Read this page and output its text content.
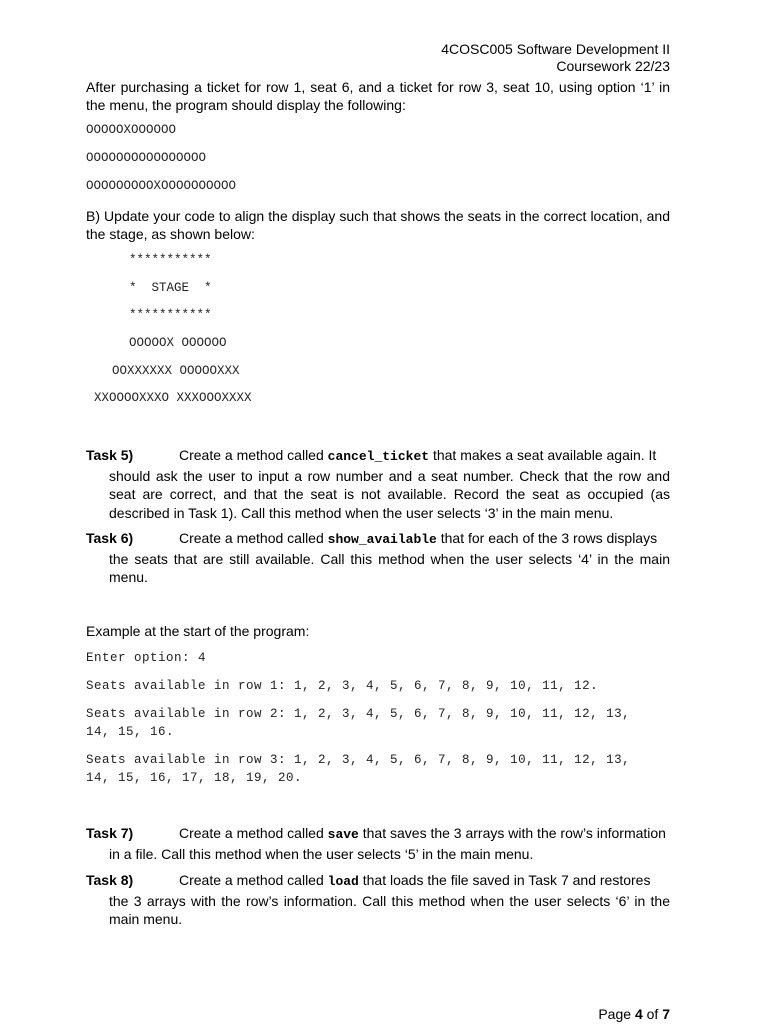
4COSC005 Software Development II
Coursework 22/23
After purchasing a ticket for row 1, seat 6, and a ticket for row 3, seat 10, using option ‘1’ in the menu, the program should display the following:
OOOOOXOOOOOO
OOOOOOOOOOOOOOOO
OOOOOOOOOXOOOOOOOOOO
B) Update your code to align the display such that shows the seats in the correct location, and the stage, as shown below:
***********
*  STAGE  *
***********
OOOOOX OOOOOO
OOXXXXXX OOOOOXXX
XXOOOOXXXO XXXOOOXXXX
Task 5)	Create a method called cancel_ticket that makes a seat available again. It
should ask the user to input a row number and a seat number. Check that the row and seat are correct, and that the seat is not available. Record the seat as occupied (as described in Task 1). Call this method when the user selects ‘3’ in the main menu.
Task 6)	Create a method called show_available that for each of the 3 rows displays
the seats that are still available. Call this method when the user selects ‘4’ in the main menu.
Example at the start of the program:
Enter option: 4
Seats available in row 1: 1, 2, 3, 4, 5, 6, 7, 8, 9, 10, 11, 12.
Seats available in row 2: 1, 2, 3, 4, 5, 6, 7, 8, 9, 10, 11, 12, 13,
14, 15, 16.
Seats available in row 3: 1, 2, 3, 4, 5, 6, 7, 8, 9, 10, 11, 12, 13,
14, 15, 16, 17, 18, 19, 20.
Task 7)	Create a method called save that saves the 3 arrays with the row’s information
in a file. Call this method when the user selects ‘5’ in the main menu.
Task 8)	Create a method called load that loads the file saved in Task 7 and restores
the 3 arrays with the row’s information. Call this method when the user selects ‘6’ in the main menu.
Page 4 of 7
